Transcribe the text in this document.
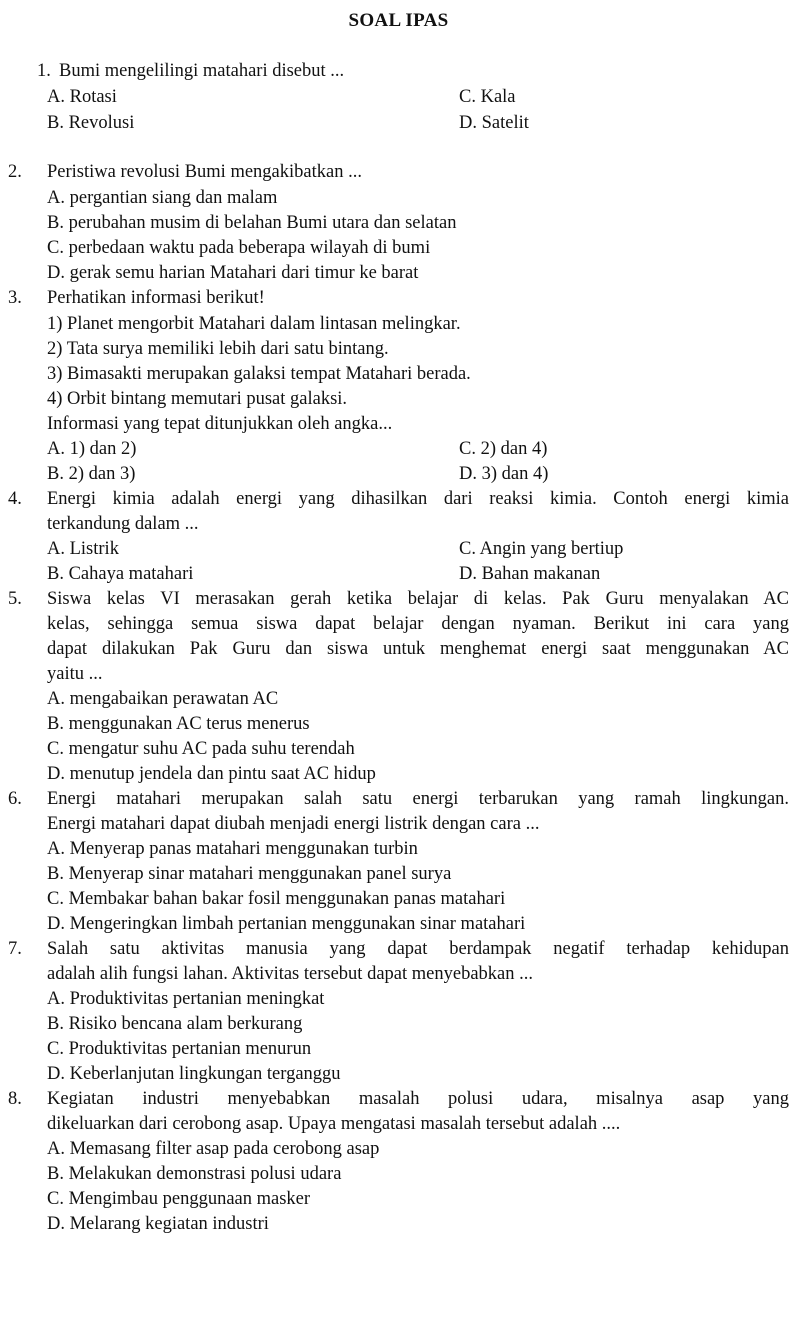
SOAL IPAS
1. Bumi mengelilingi matahari disebut ...
A. Rotasi
B. Revolusi
C. Kala
D. Satelit
2. Peristiwa revolusi Bumi mengakibatkan ...
A. pergantian siang dan malam
B. perubahan musim di belahan Bumi utara dan selatan
C. perbedaan waktu pada beberapa wilayah di bumi
D. gerak semu harian Matahari dari timur ke barat
3. Perhatikan informasi berikut!
1) Planet mengorbit Matahari dalam lintasan melingkar.
2) Tata surya memiliki lebih dari satu bintang.
3) Bimasakti merupakan galaksi tempat Matahari berada.
4) Orbit bintang memutari pusat galaksi.
Informasi yang tepat ditunjukkan oleh angka...
A. 1) dan 2)
B. 2) dan 3)
C. 2) dan 4)
D. 3) dan 4)
4. Energi kimia adalah energi yang dihasilkan dari reaksi kimia. Contoh energi kimia
terkandung dalam ...
A. Listrik
B. Cahaya matahari
C. Angin yang bertiup
D. Bahan makanan
5. Siswa kelas VI merasakan gerah ketika belajar di kelas. Pak Guru menyalakan AC
kelas, sehingga semua siswa dapat belajar dengan nyaman. Berikut ini cara yang
dapat dilakukan Pak Guru dan siswa untuk menghemat energi saat menggunakan AC
yaitu ...
A. mengabaikan perawatan AC
B. menggunakan AC terus menerus
C. mengatur suhu AC pada suhu terendah
D. menutup jendela dan pintu saat AC hidup
6. Energi matahari merupakan salah satu energi terbarukan yang ramah lingkungan.
Energi matahari dapat diubah menjadi energi listrik dengan cara ...
A. Menyerap panas matahari menggunakan turbin
B. Menyerap sinar matahari menggunakan panel surya
C. Membakar bahan bakar fosil menggunakan panas matahari
D. Mengeringkan limbah pertanian menggunakan sinar matahari
7. Salah satu aktivitas manusia yang dapat berdampak negatif terhadap kehidupan
adalah alih fungsi lahan. Aktivitas tersebut dapat menyebabkan ...
A. Produktivitas pertanian meningkat
B. Risiko bencana alam berkurang
C. Produktivitas pertanian menurun
D. Keberlanjutan lingkungan terganggu
8. Kegiatan industri menyebabkan masalah polusi udara, misalnya asap yang
dikeluarkan dari cerobong asap. Upaya mengatasi masalah tersebut adalah ....
A. Memasang filter asap pada cerobong asap
B. Melakukan demonstrasi polusi udara
C. Mengimbau penggunaan masker
D. Melarang kegiatan industri
